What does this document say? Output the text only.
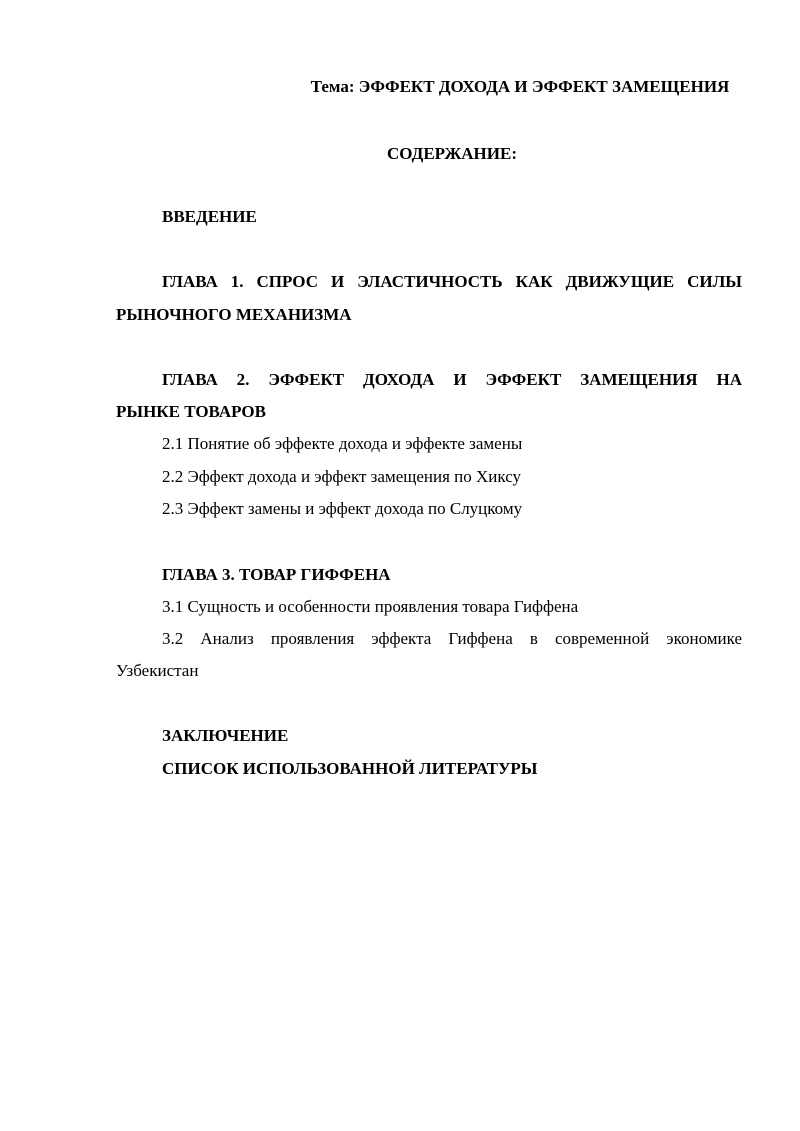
Тема: ЭФФЕКТ ДОХОДА И ЭФФЕКТ ЗАМЕЩЕНИЯ
СОДЕРЖАНИЕ:
ВВЕДЕНИЕ
ГЛАВА 1. СПРОС И ЭЛАСТИЧНОСТЬ КАК ДВИЖУЩИЕ СИЛЫ
РЫНОЧНОГО МЕХАНИЗМА
ГЛАВА 2. ЭФФЕКТ ДОХОДА И ЭФФЕКТ ЗАМЕЩЕНИЯ НА
РЫНКЕ ТОВАРОВ
2.1 Понятие об эффекте дохода и эффекте замены
2.2 Эффект дохода и эффект замещения по Хиксу
2.3 Эффект замены и эффект дохода по Слуцкому
ГЛАВА 3. ТОВАР ГИФФЕНА
3.1 Сущность и особенности проявления товара Гиффена
3.2 Анализ проявления эффекта Гиффена в современной экономике
Узбекистан
ЗАКЛЮЧЕНИЕ
СПИСОК ИСПОЛЬЗОВАННОЙ ЛИТЕРАТУРЫ
